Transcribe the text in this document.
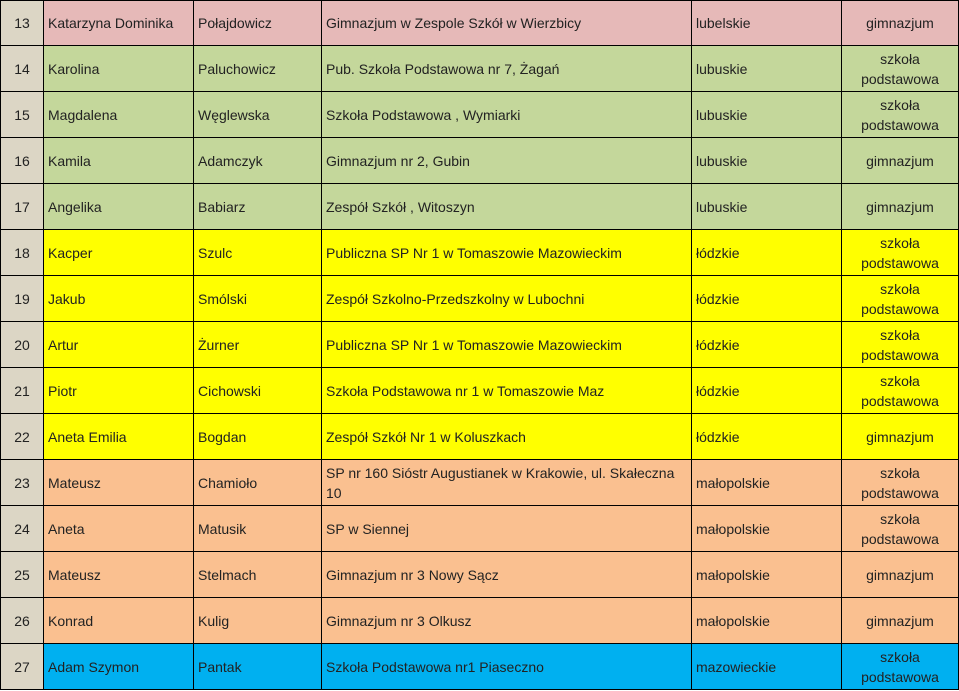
13	Katarzyna Dominika	Połajdowicz	Gimnazjum w Zespole Szkół w Wierzbicy	lubelskie	gimnazjum
14	Karolina	Paluchowicz	Pub. Szkoła Podstawowa nr 7, Żagań	lubuskie	szkoła podstawowa
15	Magdalena	Węglewska	Szkoła Podstawowa , Wymiarki	lubuskie	szkoła podstawowa
16	Kamila	Adamczyk	Gimnazjum nr 2, Gubin	lubuskie	gimnazjum
17	Angelika	Babiarz	Zespół Szkół , Witoszyn	lubuskie	gimnazjum
18	Kacper	Szulc	Publiczna SP Nr 1 w Tomaszowie Mazowieckim	łódzkie	szkoła podstawowa
19	Jakub	Smólski	Zespół Szkolno-Przedszkolny w Lubochni	łódzkie	szkoła podstawowa
20	Artur	Żurner	Publiczna SP Nr 1 w Tomaszowie Mazowieckim	łódzkie	szkoła podstawowa
21	Piotr	Cichowski	Szkoła Podstawowa nr 1 w Tomaszowie Maz	łódzkie	szkoła podstawowa
22	Aneta Emilia	Bogdan	Zespół Szkół Nr 1 w Koluszkach	łódzkie	gimnazjum
23	Mateusz	Chamioło	SP nr 160 Sióstr Augustianek w Krakowie, ul. Skałeczna 10	małopolskie	szkoła podstawowa
24	Aneta	Matusik	SP w Siennej	małopolskie	szkoła podstawowa
25	Mateusz	Stelmach	Gimnazjum nr 3 Nowy Sącz	małopolskie	gimnazjum
26	Konrad	Kulig	Gimnazjum nr 3 Olkusz	małopolskie	gimnazjum
27	Adam Szymon	Pantak	Szkoła Podstawowa nr1 Piaseczno	mazowieckie	szkoła podstawowa
